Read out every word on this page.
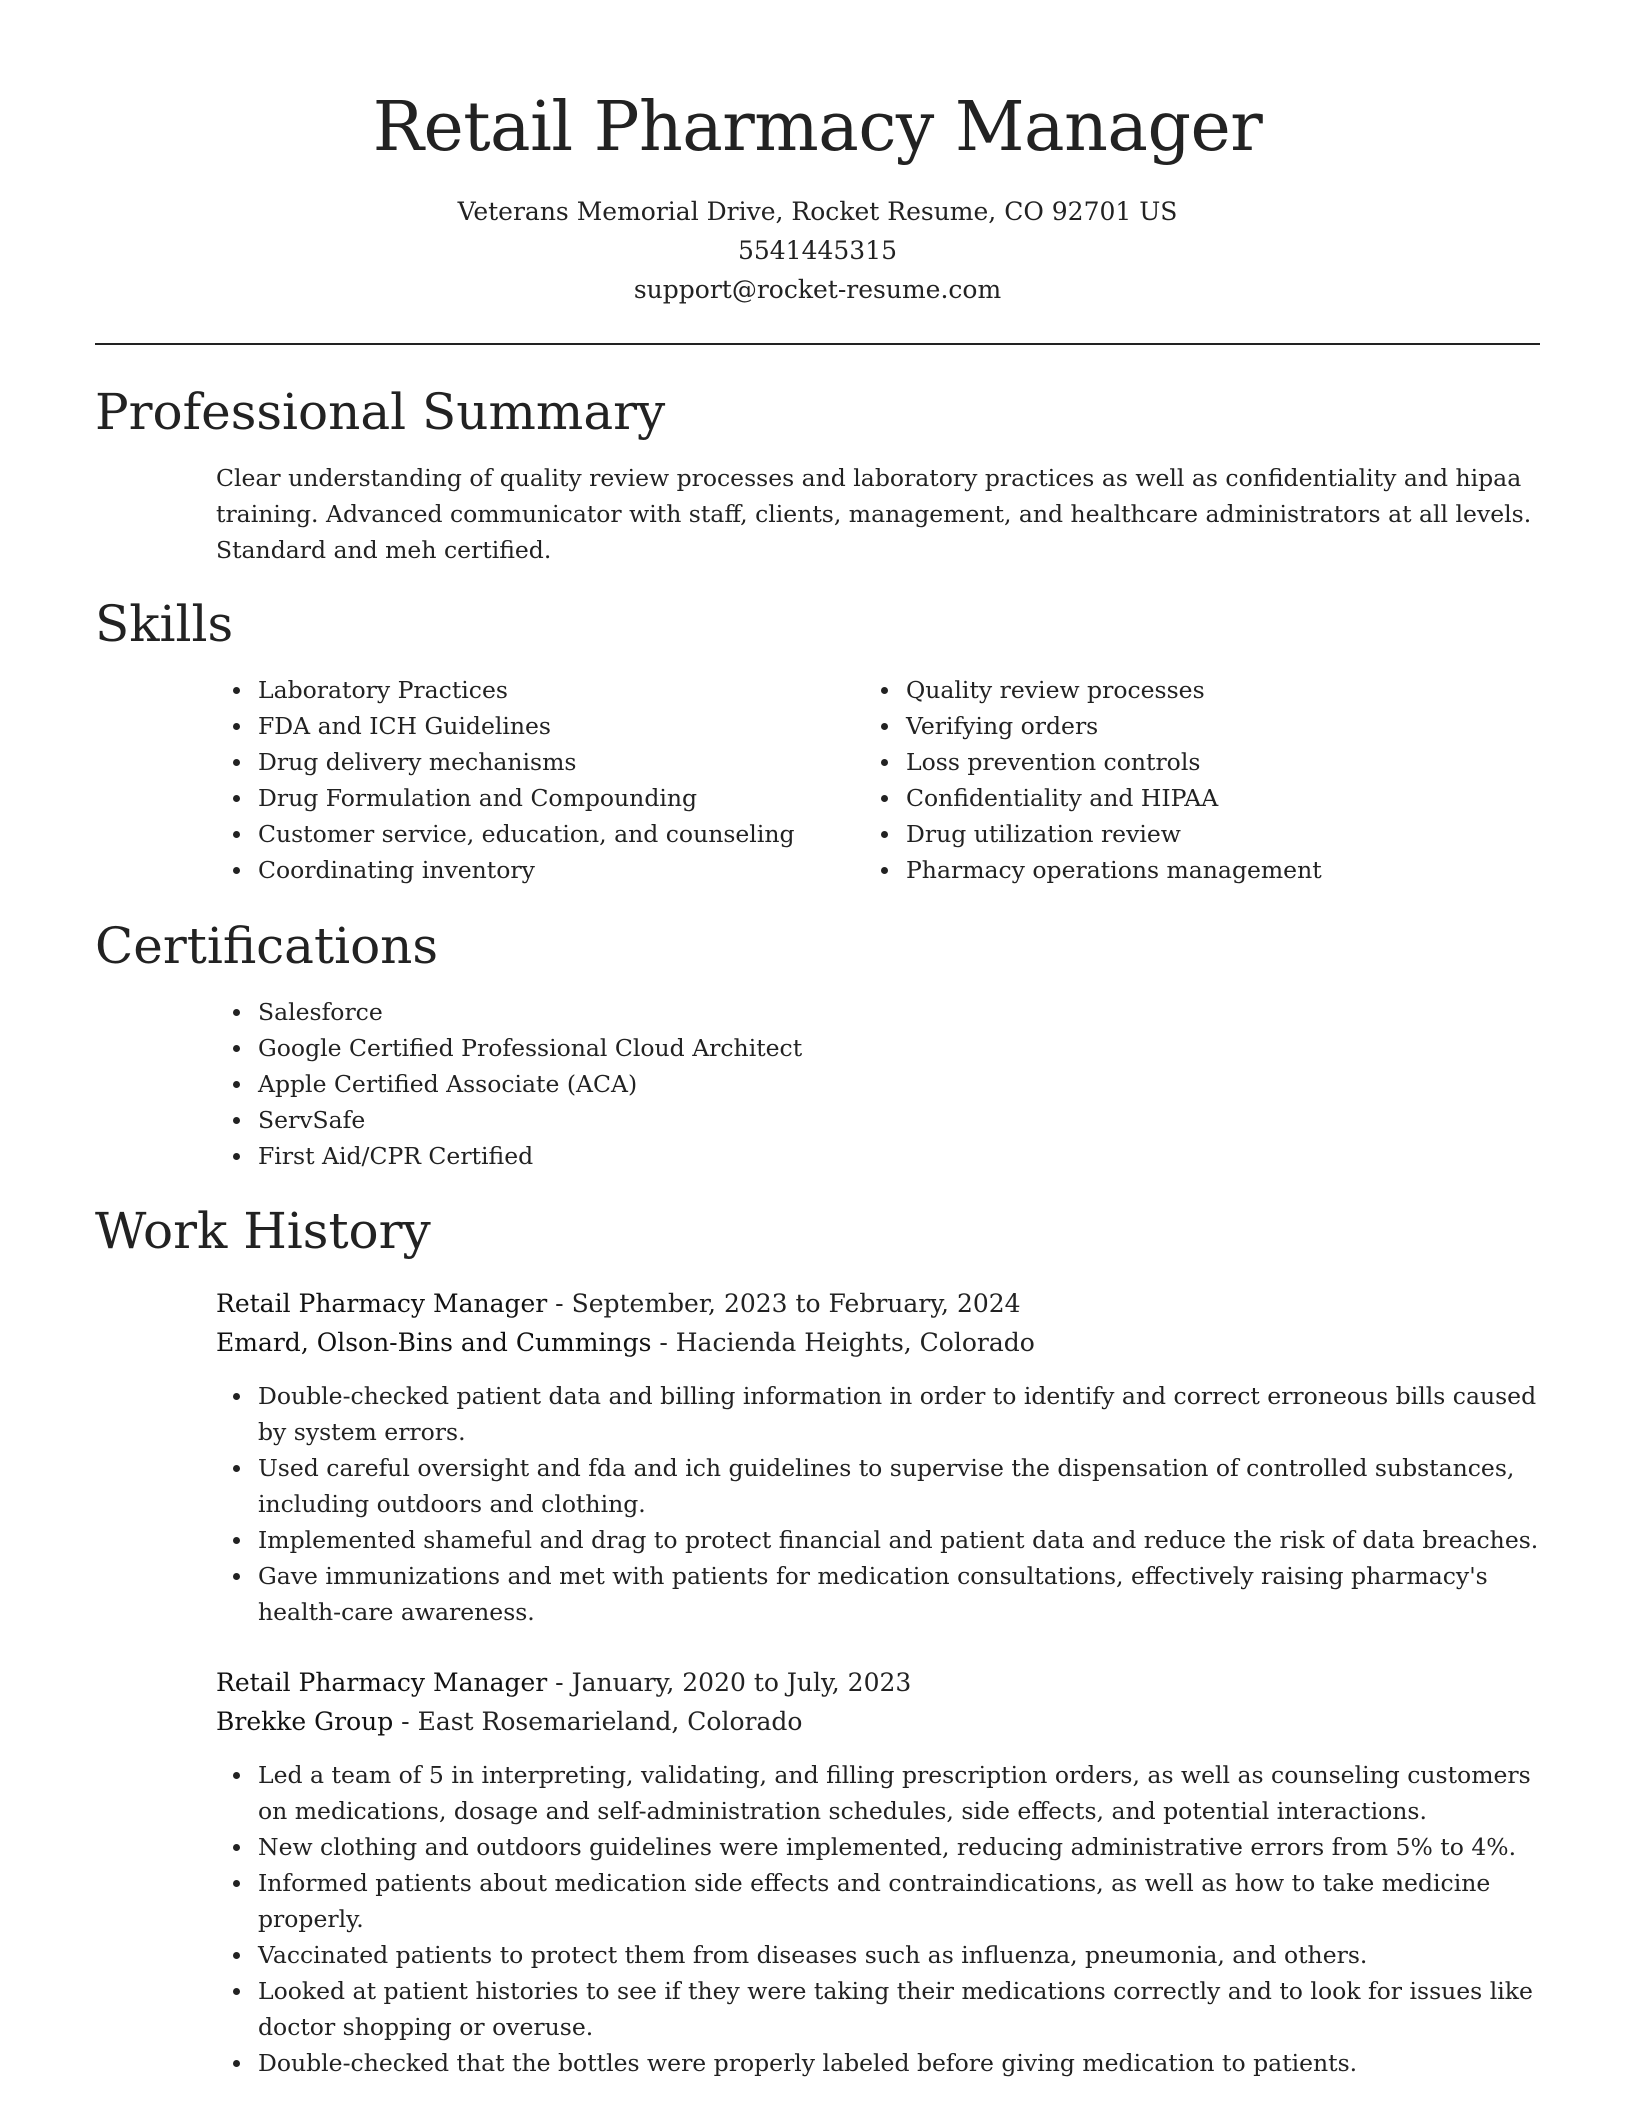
Retail Pharmacy Manager
Veterans Memorial Drive, Rocket Resume, CO 92701 US
5541445315
support@rocket-resume.com
Professional Summary

Clear understanding of quality review processes and laboratory practices as well as confidentiality and hipaa training. Advanced communicator with staff, clients, management, and healthcare administrators at all levels. Standard and meh certified.

Skills
Laboratory Practices
FDA and ICH Guidelines
Drug delivery mechanisms
Drug Formulation and Compounding
Customer service, education, and counseling
Coordinating inventory
Quality review processes
Verifying orders
Loss prevention controls
Confidentiality and HIPAA
Drug utilization review
Pharmacy operations management
Certifications
Salesforce
Google Certified Professional Cloud Architect
Apple Certified Associate (ACA)
ServSafe
First Aid/CPR Certified
Work History
Retail Pharmacy Manager - September, 2023 to February, 2024
Emard, Olson-Bins and Cummings - Hacienda Heights, Colorado
Double-checked patient data and billing information in order to identify and correct erroneous bills caused by system errors.
Used careful oversight and fda and ich guidelines to supervise the dispensation of controlled substances, including outdoors and clothing.
Implemented shameful and drag to protect financial and patient data and reduce the risk of data breaches.
Gave immunizations and met with patients for medication consultations, effectively raising pharmacy's health-care awareness.
Retail Pharmacy Manager - January, 2020 to July, 2023
Brekke Group - East Rosemarieland, Colorado
Led a team of 5 in interpreting, validating, and filling prescription orders, as well as counseling customers on medications, dosage and self-administration schedules, side effects, and potential interactions.
New clothing and outdoors guidelines were implemented, reducing administrative errors from 5% to 4%.
Informed patients about medication side effects and contraindications, as well as how to take medicine properly.
Vaccinated patients to protect them from diseases such as influenza, pneumonia, and others.
Looked at patient histories to see if they were taking their medications correctly and to look for issues like doctor shopping or overuse.
Double-checked that the bottles were properly labeled before giving medication to patients.
